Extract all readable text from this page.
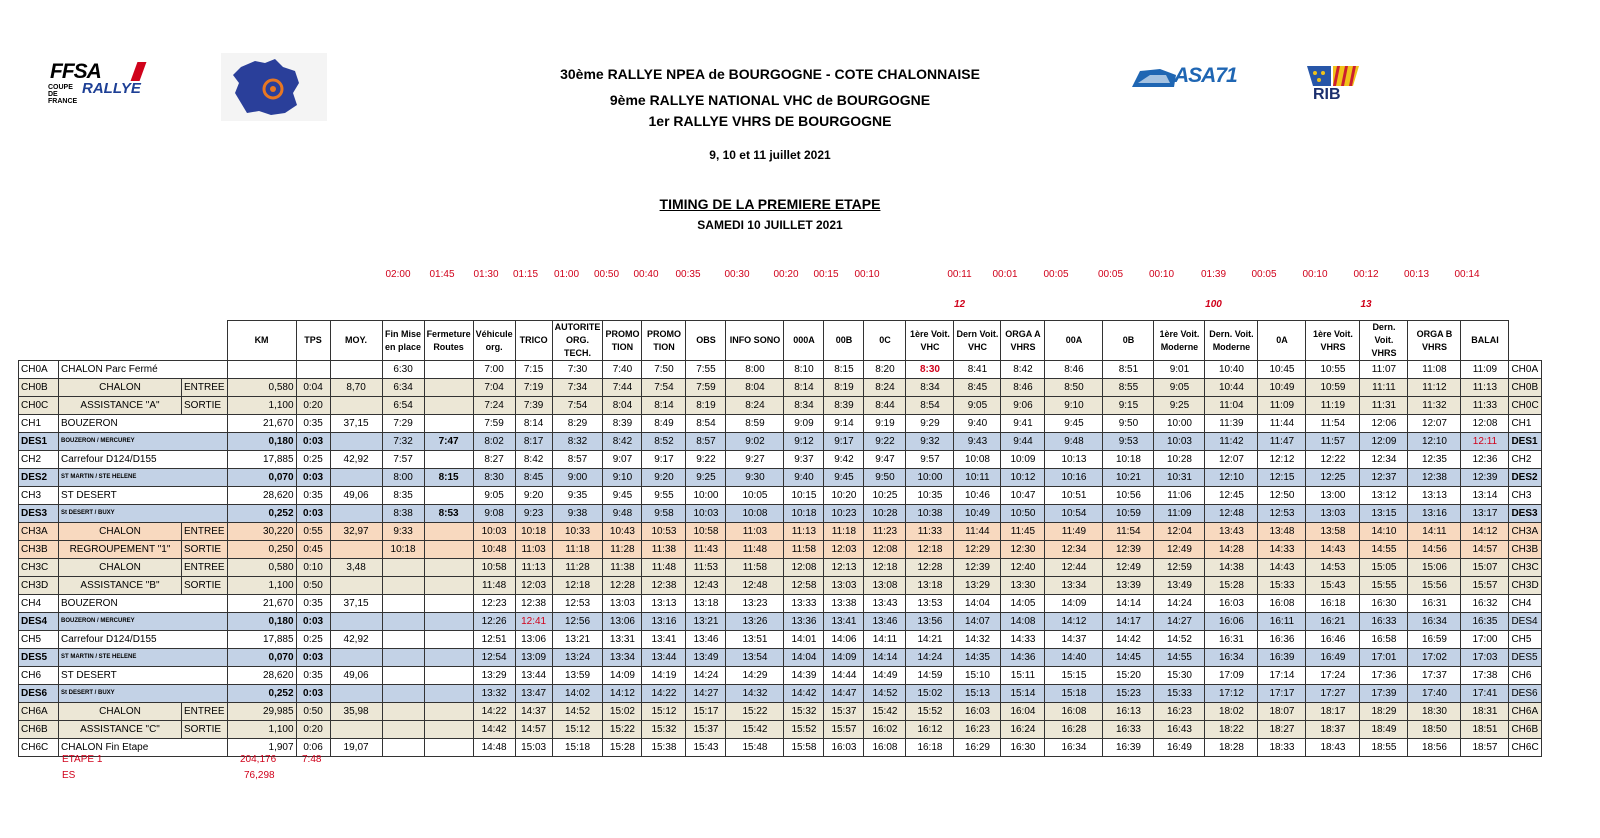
FFSA
COUPE DE FRANCE
RALLYE
ASA71
RIB
30ème RALLYE NPEA de BOURGOGNE - COTE CHALONNAISE
9ème RALLYE NATIONAL VHC de BOURGOGNE
1er RALLYE VHRS DE BOURGOGNE
9, 10 et 11 juillet 2021
TIMING DE LA PREMIERE ETAPE
SAMEDI 10 JUILLET 2021
	02:00	01:45	01:30	01:15	01:00	00:50	00:40	00:35	00:30	00:20	00:15	00:10		00:11	00:01	00:05	00:05	00:10	01:39	00:05	00:10	00:12	00:13	00:14
	12		100		13	
			KM	TPS	MOY.	Fin Mise en place	Fermeture Routes	Véhicule org.	TRICO	AUTORITE ORG. TECH.	PROMO TION	PROMO TION	OBS	INFO SONO	000A	00B	0C	1ère Voit. VHC	Dern Voit. VHC	ORGA A VHRS	00A	0B	1ère Voit. Moderne	Dern. Voit. Moderne	0A	1ère Voit. VHRS	Dern. Voit. VHRS	ORGA B VHRS	BALAI	
CH0A	CHALON Parc Fermé					6:30		7:00	7:15	7:30	7:40	7:50	7:55	8:00	8:10	8:15	8:20	8:30	8:41	8:42	8:46	8:51	9:01	10:40	10:45	10:55	11:07	11:08	11:09	CH0A
CH0B	CHALON	ENTREE	0,580	0:04	8,70	6:34		7:04	7:19	7:34	7:44	7:54	7:59	8:04	8:14	8:19	8:24	8:34	8:45	8:46	8:50	8:55	9:05	10:44	10:49	10:59	11:11	11:12	11:13	CH0B
CH0C	ASSISTANCE "A"	SORTIE	1,100	0:20		6:54		7:24	7:39	7:54	8:04	8:14	8:19	8:24	8:34	8:39	8:44	8:54	9:05	9:06	9:10	9:15	9:25	11:04	11:09	11:19	11:31	11:32	11:33	CH0C
CH1	BOUZERON		21,670	0:35	37,15	7:29		7:59	8:14	8:29	8:39	8:49	8:54	8:59	9:09	9:14	9:19	9:29	9:40	9:41	9:45	9:50	10:00	11:39	11:44	11:54	12:06	12:07	12:08	CH1
DES1	BOUZERON / MERCUREY		0,180	0:03		7:32	7:47	8:02	8:17	8:32	8:42	8:52	8:57	9:02	9:12	9:17	9:22	9:32	9:43	9:44	9:48	9:53	10:03	11:42	11:47	11:57	12:09	12:10	12:11	DES1
CH2	Carrefour D124/D155		17,885	0:25	42,92	7:57		8:27	8:42	8:57	9:07	9:17	9:22	9:27	9:37	9:42	9:47	9:57	10:08	10:09	10:13	10:18	10:28	12:07	12:12	12:22	12:34	12:35	12:36	CH2
DES2	ST MARTIN / STE HELENE		0,070	0:03		8:00	8:15	8:30	8:45	9:00	9:10	9:20	9:25	9:30	9:40	9:45	9:50	10:00	10:11	10:12	10:16	10:21	10:31	12:10	12:15	12:25	12:37	12:38	12:39	DES2
CH3	ST DESERT		28,620	0:35	49,06	8:35		9:05	9:20	9:35	9:45	9:55	10:00	10:05	10:15	10:20	10:25	10:35	10:46	10:47	10:51	10:56	11:06	12:45	12:50	13:00	13:12	13:13	13:14	CH3
DES3	St DESERT / BUXY		0,252	0:03		8:38	8:53	9:08	9:23	9:38	9:48	9:58	10:03	10:08	10:18	10:23	10:28	10:38	10:49	10:50	10:54	10:59	11:09	12:48	12:53	13:03	13:15	13:16	13:17	DES3
CH3A	CHALON	ENTREE	30,220	0:55	32,97	9:33		10:03	10:18	10:33	10:43	10:53	10:58	11:03	11:13	11:18	11:23	11:33	11:44	11:45	11:49	11:54	12:04	13:43	13:48	13:58	14:10	14:11	14:12	CH3A
CH3B	REGROUPEMENT "1"	SORTIE	0,250	0:45		10:18		10:48	11:03	11:18	11:28	11:38	11:43	11:48	11:58	12:03	12:08	12:18	12:29	12:30	12:34	12:39	12:49	14:28	14:33	14:43	14:55	14:56	14:57	CH3B
CH3C	CHALON	ENTREE	0,580	0:10	3,48			10:58	11:13	11:28	11:38	11:48	11:53	11:58	12:08	12:13	12:18	12:28	12:39	12:40	12:44	12:49	12:59	14:38	14:43	14:53	15:05	15:06	15:07	CH3C
CH3D	ASSISTANCE "B"	SORTIE	1,100	0:50				11:48	12:03	12:18	12:28	12:38	12:43	12:48	12:58	13:03	13:08	13:18	13:29	13:30	13:34	13:39	13:49	15:28	15:33	15:43	15:55	15:56	15:57	CH3D
CH4	BOUZERON		21,670	0:35	37,15			12:23	12:38	12:53	13:03	13:13	13:18	13:23	13:33	13:38	13:43	13:53	14:04	14:05	14:09	14:14	14:24	16:03	16:08	16:18	16:30	16:31	16:32	CH4
DES4	BOUZERON / MERCUREY		0,180	0:03				12:26	12:41	12:56	13:06	13:16	13:21	13:26	13:36	13:41	13:46	13:56	14:07	14:08	14:12	14:17	14:27	16:06	16:11	16:21	16:33	16:34	16:35	DES4
CH5	Carrefour D124/D155		17,885	0:25	42,92			12:51	13:06	13:21	13:31	13:41	13:46	13:51	14:01	14:06	14:11	14:21	14:32	14:33	14:37	14:42	14:52	16:31	16:36	16:46	16:58	16:59	17:00	CH5
DES5	ST MARTIN / STE HELENE		0,070	0:03				12:54	13:09	13:24	13:34	13:44	13:49	13:54	14:04	14:09	14:14	14:24	14:35	14:36	14:40	14:45	14:55	16:34	16:39	16:49	17:01	17:02	17:03	DES5
CH6	ST DESERT		28,620	0:35	49,06			13:29	13:44	13:59	14:09	14:19	14:24	14:29	14:39	14:44	14:49	14:59	15:10	15:11	15:15	15:20	15:30	17:09	17:14	17:24	17:36	17:37	17:38	CH6
DES6	St DESERT / BUXY		0,252	0:03				13:32	13:47	14:02	14:12	14:22	14:27	14:32	14:42	14:47	14:52	15:02	15:13	15:14	15:18	15:23	15:33	17:12	17:17	17:27	17:39	17:40	17:41	DES6
CH6A	CHALON	ENTREE	29,985	0:50	35,98			14:22	14:37	14:52	15:02	15:12	15:17	15:22	15:32	15:37	15:42	15:52	16:03	16:04	16:08	16:13	16:23	18:02	18:07	18:17	18:29	18:30	18:31	CH6A
CH6B	ASSISTANCE "C"	SORTIE	1,100	0:20				14:42	14:57	15:12	15:22	15:32	15:37	15:42	15:52	15:57	16:02	16:12	16:23	16:24	16:28	16:33	16:43	18:22	18:27	18:37	18:49	18:50	18:51	CH6B
CH6C	CHALON Fin Etape		1,907	0:06	19,07			14:48	15:03	15:18	15:28	15:38	15:43	15:48	15:58	16:03	16:08	16:18	16:29	16:30	16:34	16:39	16:49	18:28	18:33	18:43	18:55	18:56	18:57	CH6C
ETAPE 1	204,176	7:48
ES	76,298
